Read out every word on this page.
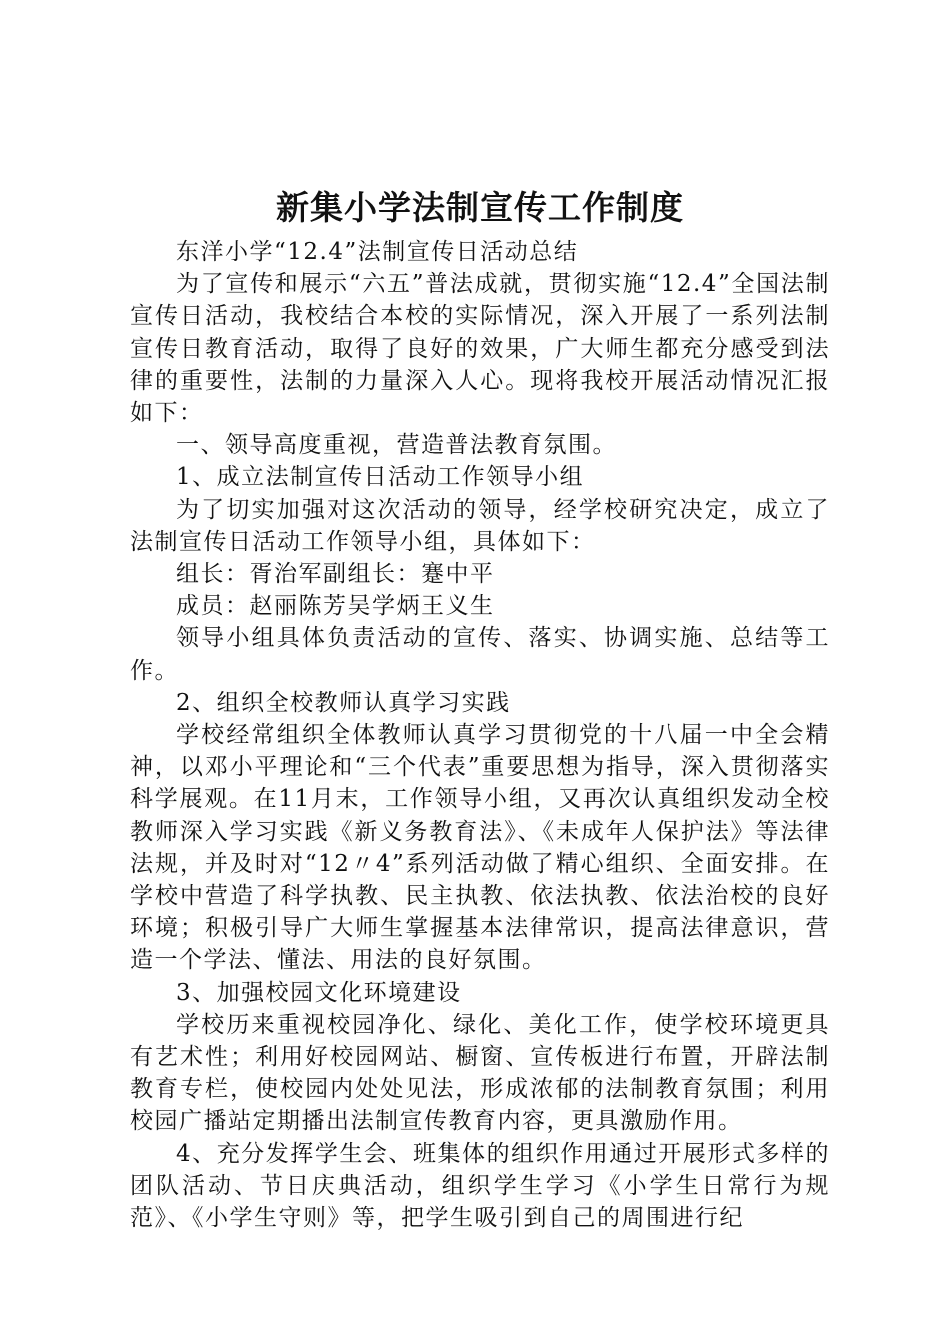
新集小学法制宣传工作制度

东洋小学“12.4”法制宣传日活动总结

为了宣传和展示“六五”普法成就，贯彻实施“12.4”全国法制宣传日活动，我校结合本校的实际情况，深入开展了一系列法制宣传日教育活动，取得了良好的效果，广大师生都充分感受到法律的重要性，法制的力量深入人心。现将我校开展活动情况汇报如下：

一、领导高度重视，营造普法教育氛围。

1、成立法制宣传日活动工作领导小组

为了切实加强对这次活动的领导，经学校研究决定，成立了法制宣传日活动工作领导小组，具体如下：

组长：胥治军副组长：蹇中平

成员：赵丽陈芳吴学炳王义生

领导小组具体负责活动的宣传、落实、协调实施、总结等工作。

2、组织全校教师认真学习实践

学校经常组织全体教师认真学习贯彻党的十八届一中全会精神，以邓小平理论和“三个代表”重要思想为指导，深入贯彻落实科学展观。在11月末，工作领导小组，又再次认真组织发动全校教师深入学习实践《新义务教育法》、《未成年人保护法》等法律法规，并及时对“12〃4”系列活动做了精心组织、全面安排。在学校中营造了科学执教、民主执教、依法执教、依法治校的良好环境；积极引导广大师生掌握基本法律常识，提高法律意识，营造一个学法、懂法、用法的良好氛围。

3、加强校园文化环境建设

学校历来重视校园净化、绿化、美化工作，使学校环境更具有艺术性；利用好校园网站、橱窗、宣传板进行布置，开辟法制教育专栏，使校园内处处见法，形成浓郁的法制教育氛围；利用校园广播站定期播出法制宣传教育内容，更具激励作用。

4、充分发挥学生会、班集体的组织作用通过开展形式多样的团队活动、节日庆典活动，组织学生学习《小学生日常行为规范》、《小学生守则》等，把学生吸引到自己的周围进行纪
